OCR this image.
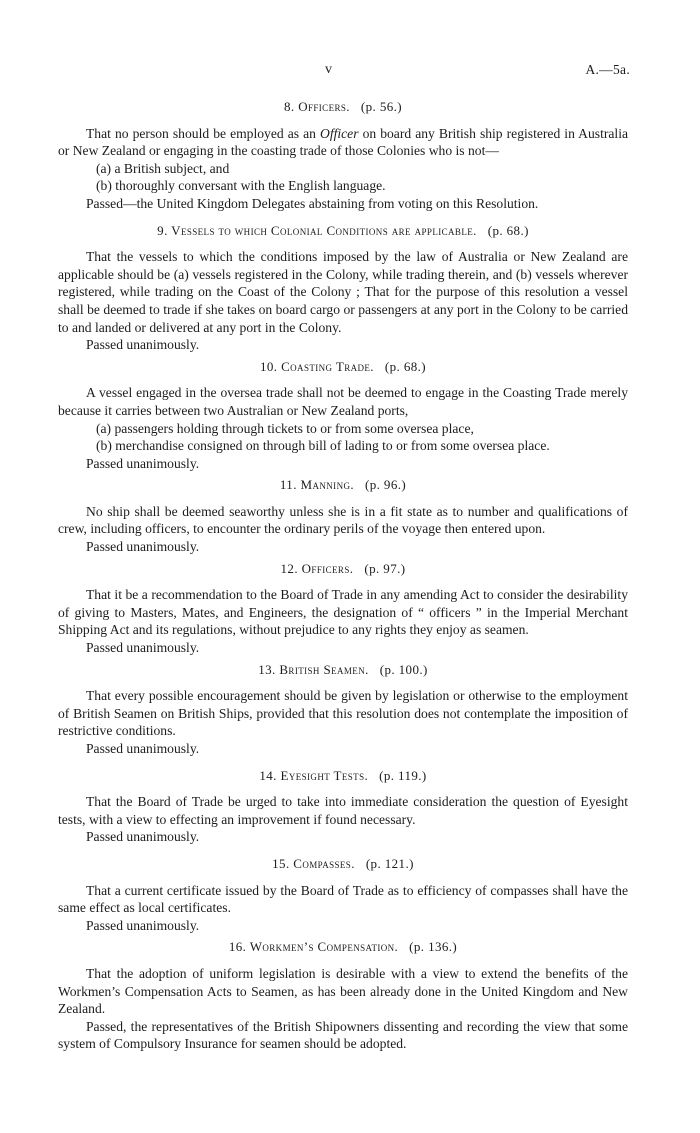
v	A.—5a.

8. Officers. (p. 56.)

That no person should be employed as an Officer on board any British ship registered in Australia or New Zealand or engaging in the coasting trade of those Colonies who is not—

(a) a British subject, and

(b) thoroughly conversant with the English language.

Passed—the United Kingdom Delegates abstaining from voting on this Resolution.

9. Vessels to which Colonial Conditions are applicable. (p. 68.)

That the vessels to which the conditions imposed by the law of Australia or New Zealand are applicable should be (a) vessels registered in the Colony, while trading therein, and (b) vessels wherever registered, while trading on the Coast of the Colony ; That for the purpose of this resolution a vessel shall be deemed to trade if she takes on board cargo or passengers at any port in the Colony to be carried to and landed or delivered at any port in the Colony.

Passed unanimously.

10. Coasting Trade. (p. 68.)

A vessel engaged in the oversea trade shall not be deemed to engage in the Coasting Trade merely because it carries between two Australian or New Zealand ports,

(a) passengers holding through tickets to or from some oversea place,

(b) merchandise consigned on through bill of lading to or from some oversea place.

Passed unanimously.

11. Manning. (p. 96.)

No ship shall be deemed seaworthy unless she is in a fit state as to number and qualifications of crew, including officers, to encounter the ordinary perils of the voyage then entered upon.

Passed unanimously.

12. Officers. (p. 97.)

That it be a recommendation to the Board of Trade in any amending Act to consider the desirability of giving to Masters, Mates, and Engineers, the designation of “ officers ” in the Imperial Merchant Shipping Act and its regulations, without prejudice to any rights they enjoy as seamen.

Passed unanimously.

13. British Seamen. (p. 100.)

That every possible encouragement should be given by legislation or otherwise to the employment of British Seamen on British Ships, provided that this resolution does not contemplate the imposition of restrictive conditions.

Passed unanimously.

14. Eyesight Tests. (p. 119.)

That the Board of Trade be urged to take into immediate consideration the question of Eyesight tests, with a view to effecting an improvement if found necessary.

Passed unanimously.

15. Compasses. (p. 121.)

That a current certificate issued by the Board of Trade as to efficiency of compasses shall have the same effect as local certificates.

Passed unanimously.

16. Workmen’s Compensation. (p. 136.)

That the adoption of uniform legislation is desirable with a view to extend the benefits of the Workmen’s Compensation Acts to Seamen, as has been already done in the United Kingdom and New Zealand.

Passed, the representatives of the British Shipowners dissenting and recording the view that some system of Compulsory Insurance for seamen should be adopted.
